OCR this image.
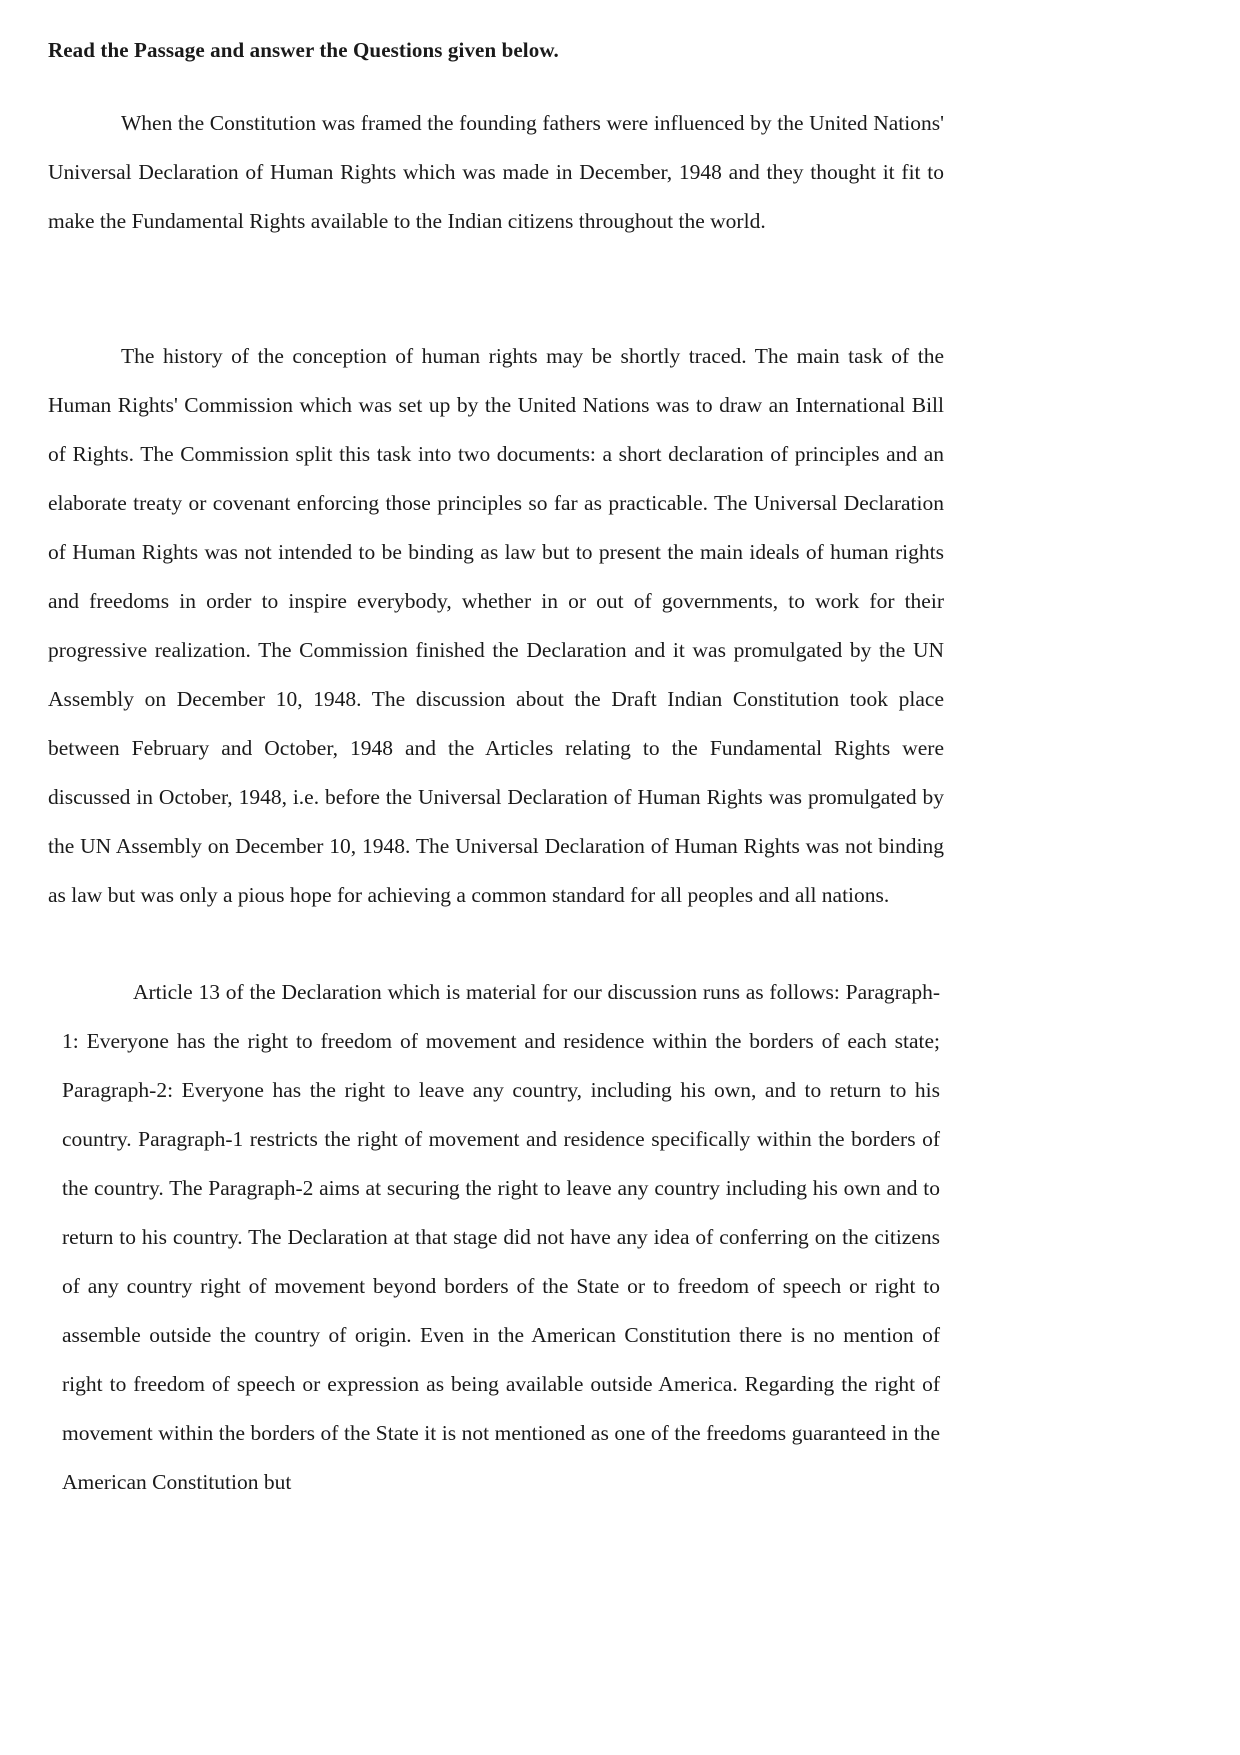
Read the Passage and answer the Questions given below.

When the Constitution was framed the founding fathers were influenced by the United Nations' Universal Declaration of Human Rights which was made in December, 1948 and they thought it fit to make the Fundamental Rights available to the Indian citizens throughout the world.

The history of the conception of human rights may be shortly traced. The main task of the Human Rights' Commission which was set up by the United Nations was to draw an International Bill of Rights. The Commission split this task into two documents: a short declaration of principles and an elaborate treaty or covenant enforcing those principles so far as practicable. The Universal Declaration of Human Rights was not intended to be binding as law but to present the main ideals of human rights and freedoms in order to inspire everybody, whether in or out of governments, to work for their progressive realization. The Commission finished the Declaration and it was promulgated by the UN Assembly on December 10, 1948. The discussion about the Draft Indian Constitution took place between February and October, 1948 and the Articles relating to the Fundamental Rights were discussed in October, 1948, i.e. before the Universal Declaration of Human Rights was promulgated by the UN Assembly on December 10, 1948. The Universal Declaration of Human Rights was not binding as law but was only a pious hope for achieving a common standard for all peoples and all nations.

Article 13 of the Declaration which is material for our discussion runs as follows: Paragraph-1: Everyone has the right to freedom of movement and residence within the borders of each state; Paragraph-2: Everyone has the right to leave any country, including his own, and to return to his country. Paragraph-1 restricts the right of movement and residence specifically within the borders of the country. The Paragraph-2 aims at securing the right to leave any country including his own and to return to his country. The Declaration at that stage did not have any idea of conferring on the citizens of any country right of movement beyond borders of the State or to freedom of speech or right to assemble outside the country of origin. Even in the American Constitution there is no mention of right to freedom of speech or expression as being available outside America. Regarding the right of movement within the borders of the State it is not mentioned as one of the freedoms guaranteed in the American Constitution but
